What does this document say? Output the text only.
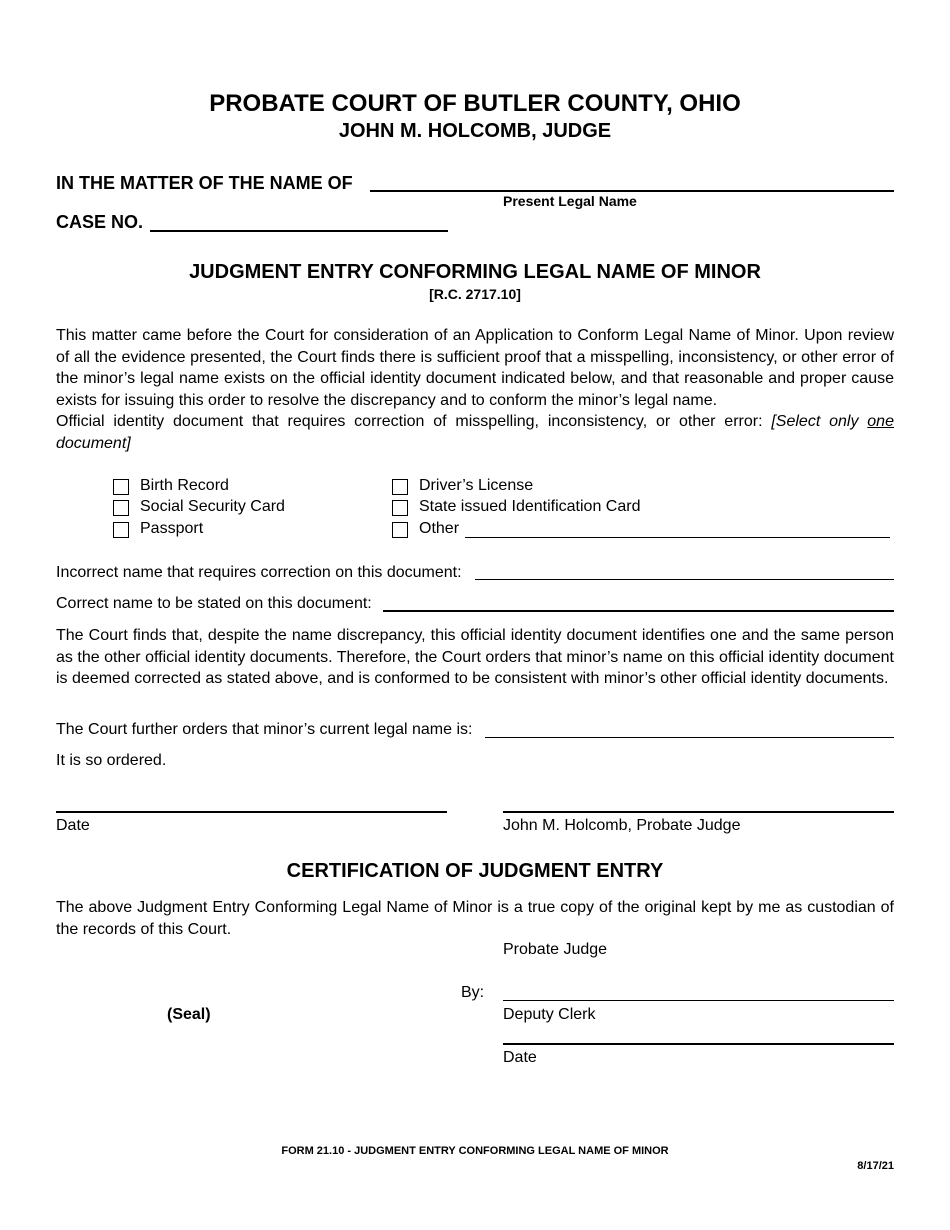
PROBATE COURT OF BUTLER COUNTY, OHIO
JOHN M. HOLCOMB, JUDGE
IN THE MATTER OF THE NAME OF
Present Legal Name
CASE NO.
JUDGMENT ENTRY CONFORMING LEGAL NAME OF MINOR
[R.C. 2717.10]
This matter came before the Court for consideration of an Application to Conform Legal Name of Minor. Upon review of all the evidence presented, the Court finds there is sufficient proof that a misspelling, inconsistency, or other error of the minor’s legal name exists on the official identity document indicated below, and that reasonable and proper cause exists for issuing this order to resolve the discrepancy and to conform the minor’s legal name.
Official identity document that requires correction of misspelling, inconsistency, or other error: [Select only one document]
Birth Record
Social Security Card
Passport
Driver’s License
State issued Identification Card
Other
Incorrect name that requires correction on this document:
Correct name to be stated on this document:
The Court finds that, despite the name discrepancy, this official identity document identifies one and the same person as the other official identity documents. Therefore, the Court orders that minor’s name on this official identity document is deemed corrected as stated above, and is conformed to be consistent with minor’s other official identity documents.
The Court further orders that minor’s current legal name is:
It is so ordered.
Date	John M. Holcomb, Probate Judge
CERTIFICATION OF JUDGMENT ENTRY
The above Judgment Entry Conforming Legal Name of Minor is a true copy of the original kept by me as custodian of the records of this Court.
Probate Judge
By:
(Seal)	Deputy Clerk
Date
FORM 21.10 - JUDGMENT ENTRY CONFORMING LEGAL NAME OF MINOR
8/17/21
